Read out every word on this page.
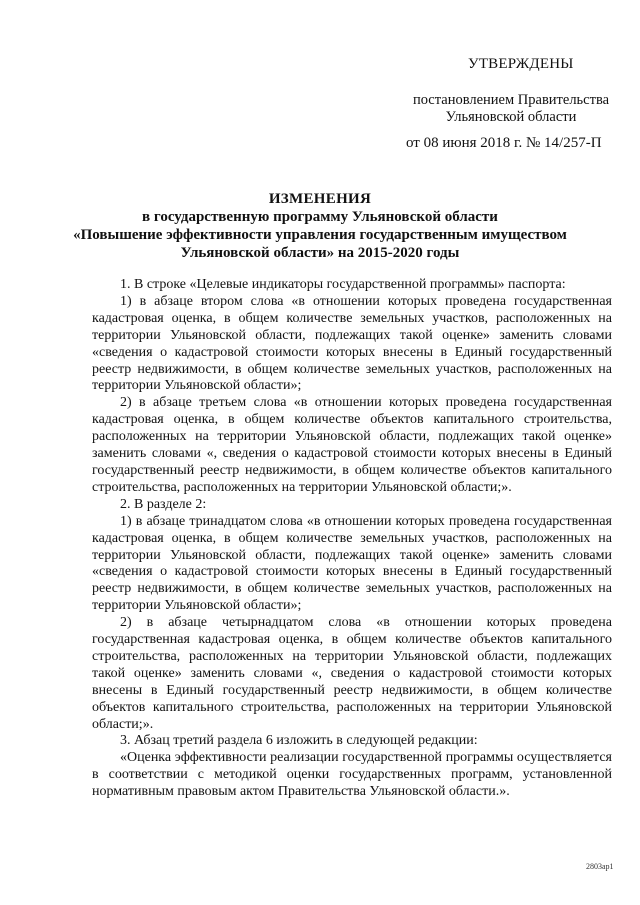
УТВЕРЖДЕНЫ
постановлением Правительства
Ульяновской области
от 08 июня 2018 г. № 14/257-П
ИЗМЕНЕНИЯ
в государственную программу Ульяновской области
«Повышение эффективности управления государственным имуществом
Ульяновской области» на 2015-2020 годы

1. В строке «Целевые индикаторы государственной программы» паспорта:

1) в абзаце втором слова «в отношении которых проведена государственная кадастровая оценка, в общем количестве земельных участков, расположенных на территории Ульяновской области, подлежащих такой оценке» заменить словами «сведения о кадастровой стоимости которых внесены в Единый государственный реестр недвижимости, в общем количестве земельных участков, расположенных на территории Ульяновской области»;

2) в абзаце третьем слова «в отношении которых проведена государственная кадастровая оценка, в общем количестве объектов капитального строительства, расположенных на территории Ульяновской области, подлежащих такой оценке» заменить словами «, сведения о кадастровой стоимости которых внесены в Единый государственный реестр недвижимости, в общем количестве объектов капитального строительства, расположенных на территории Ульяновской области;».

2. В разделе 2:

1) в абзаце тринадцатом слова «в отношении которых проведена государственная кадастровая оценка, в общем количестве земельных участков, расположенных на территории Ульяновской области, подлежащих такой оценке» заменить словами «сведения о кадастровой стоимости которых внесены в Единый государственный реестр недвижимости, в общем количестве земельных участков, расположенных на территории Ульяновской области»;

2) в абзаце четырнадцатом слова «в отношении которых проведена государственная кадастровая оценка, в общем количестве объектов капитального строительства, расположенных на территории Ульяновской области, подлежащих такой оценке» заменить словами «, сведения о кадастровой стоимости которых внесены в Единый государственный реестр недвижимости, в общем количестве объектов капитального строительства, расположенных на территории Ульяновской области;».

3. Абзац третий раздела 6 изложить в следующей редакции:

«Оценка эффективности реализации государственной программы осуществляется в соответствии с методикой оценки государственных программ, установленной нормативным правовым актом Правительства Ульяновской области.».

2803ар1
